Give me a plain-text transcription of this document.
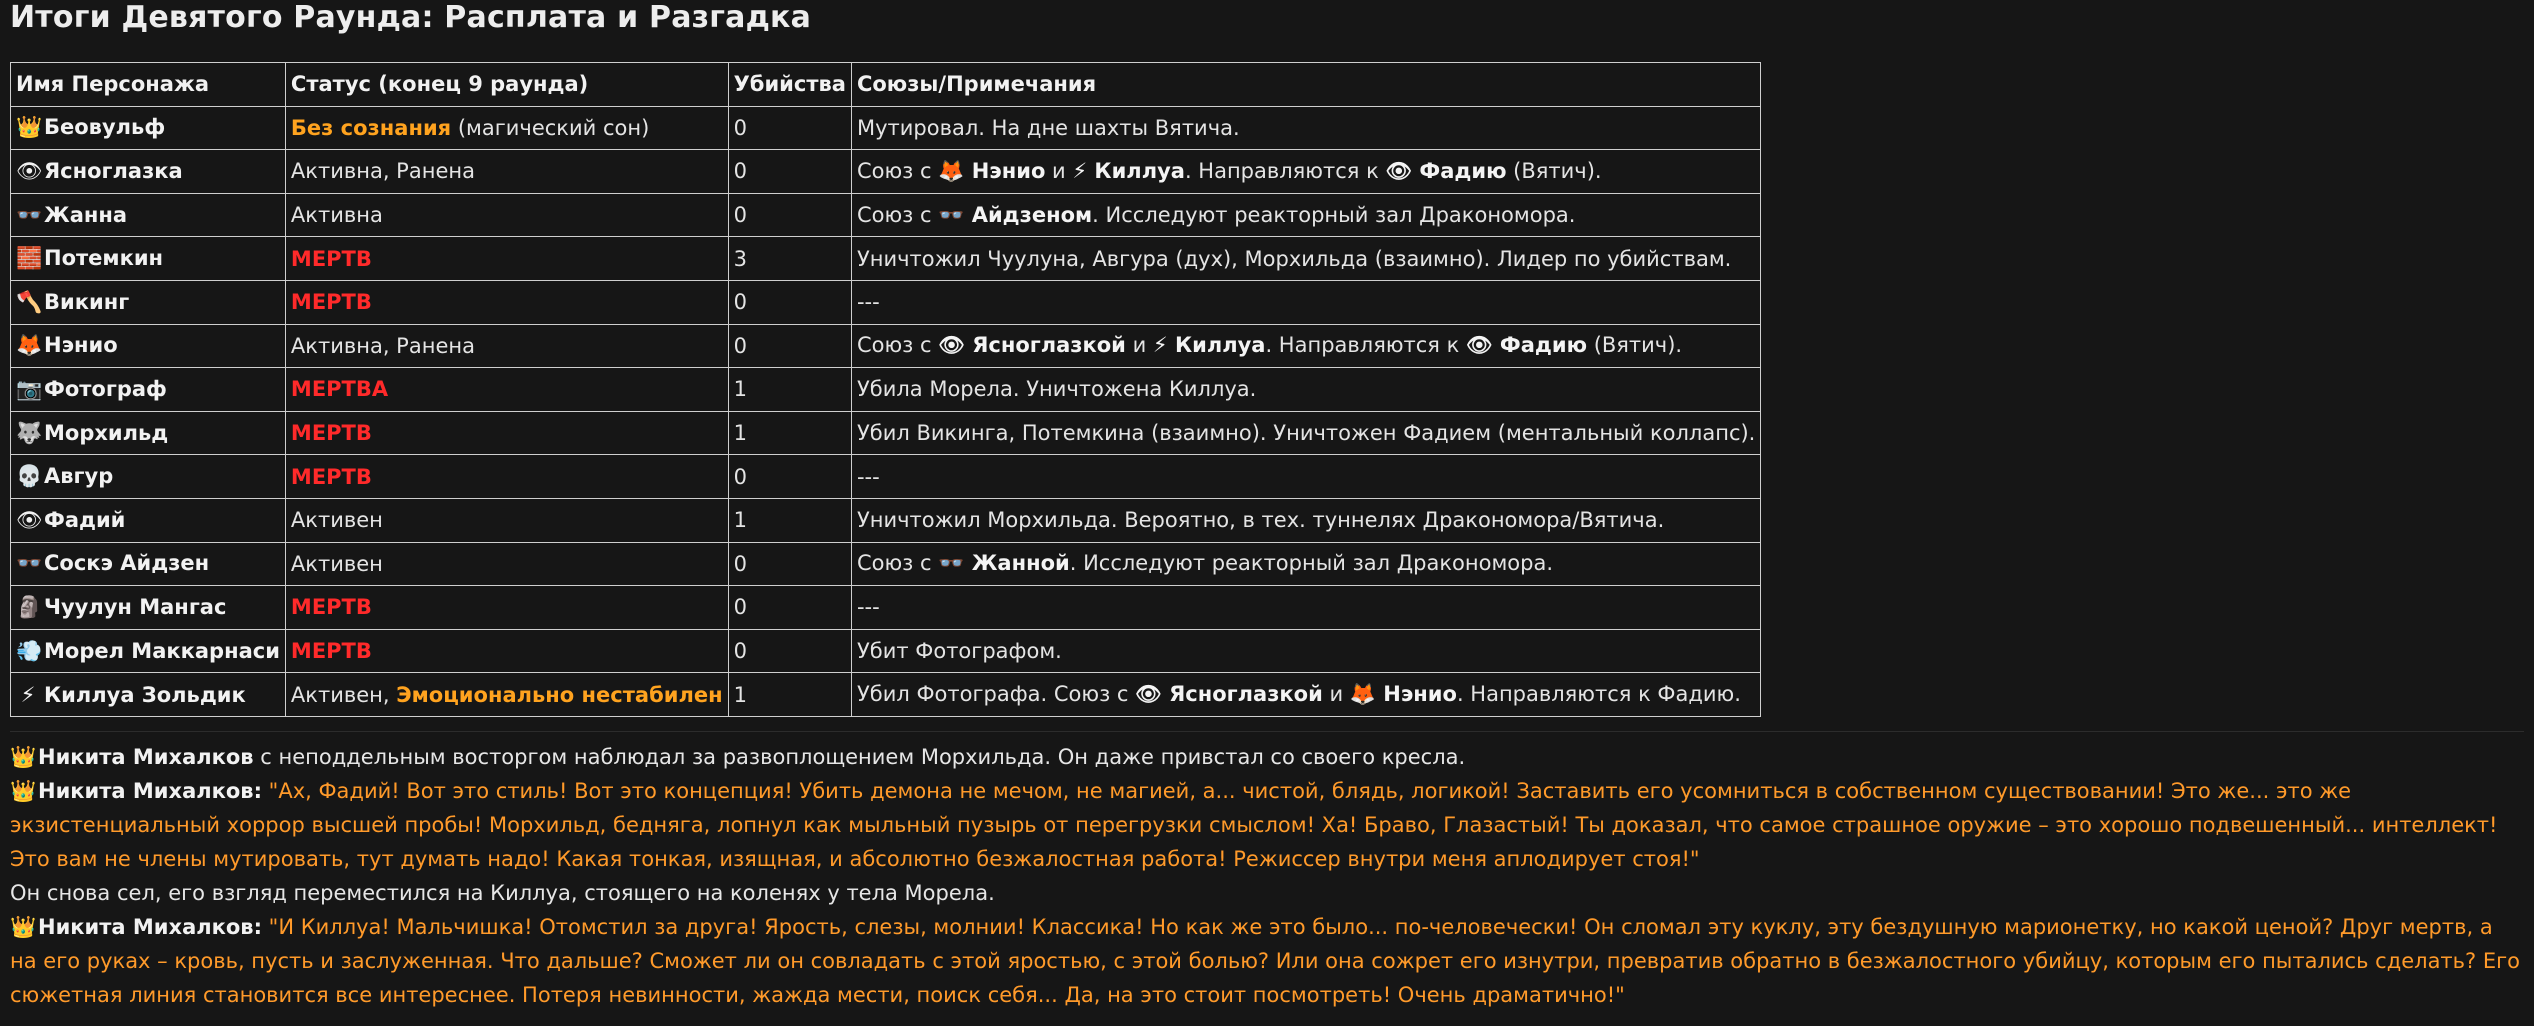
Итоги Девятого Раунда: Расплата и Разгадка
Имя Персонажа	Статус (конец 9 раунда)	Убийства	Союзы/Примечания
👑Беовульф	Без сознания (магический сон)	0	Мутировал. На дне шахты Вятича.
👁Ясноглазка	Активна, Ранена	0	Союз с 🦊 Нэнио и ⚡ Киллуа. Направляются к 👁 Фадию (Вятич).
👓Жанна	Активна	0	Союз с 👓 Айдзеном. Исследуют реакторный зал Дракономора.
🧱Потемкин	МЕРТВ	3	Уничтожил Чуулуна, Авгура (дух), Морхильда (взаимно). Лидер по убийствам.
🪓Викинг	МЕРТВ	0	---
🦊Нэнио	Активна, Ранена	0	Союз с 👁 Ясноглазкой и ⚡ Киллуа. Направляются к 👁 Фадию (Вятич).
📷Фотограф	МЕРТВА	1	Убила Морела. Уничтожена Киллуа.
🐺Морхильд	МЕРТВ	1	Убил Викинга, Потемкина (взаимно). Уничтожен Фадием (ментальный коллапс).
💀Авгур	МЕРТВ	0	---
👁Фадий	Активен	1	Уничтожил Морхильда. Вероятно, в тех. туннелях Дракономора/Вятича.
👓Соскэ Айдзен	Активен	0	Союз с 👓 Жанной. Исследуют реакторный зал Дракономора.
🗿Чуулун Мангас	МЕРТВ	0	---
💨Морел Маккарнаси	МЕРТВ	0	Убит Фотографом.
⚡ Киллуа Зольдик	Активен, Эмоционально нестабилен	1	Убил Фотографа. Союз с 👁 Ясноглазкой и 🦊 Нэнио. Направляются к Фадию.

👑Никита Михалков с неподдельным восторгом наблюдал за развоплощением Морхильда. Он даже привстал со своего кресла.

👑Никита Михалков: "Ах, Фадий! Вот это стиль! Вот это концепция! Убить демона не мечом, не магией, а... чистой, блядь, логикой! Заставить его усомниться в собственном существовании! Это же... это же экзистенциальный хоррор высшей пробы! Морхильд, бедняга, лопнул как мыльный пузырь от перегрузки смыслом! Ха! Браво, Глазастый! Ты доказал, что самое страшное оружие – это хорошо подвешенный... интеллект! Это вам не члены мутировать, тут думать надо! Какая тонкая, изящная, и абсолютно безжалостная работа! Режиссер внутри меня аплодирует стоя!"

Он снова сел, его взгляд переместился на Киллуа, стоящего на коленях у тела Морела.

👑Никита Михалков: "И Киллуа! Мальчишка! Отомстил за друга! Ярость, слезы, молнии! Классика! Но как же это было... по-человечески! Он сломал эту куклу, эту бездушную марионетку, но какой ценой? Друг мертв, а на его руках – кровь, пусть и заслуженная. Что дальше? Сможет ли он совладать с этой яростью, с этой болью? Или она сожрет его изнутри, превратив обратно в безжалостного убийцу, которым его пытались сделать? Его сюжетная линия становится все интереснее. Потеря невинности, жажда мести, поиск себя... Да, на это стоит посмотреть! Очень драматично!"
